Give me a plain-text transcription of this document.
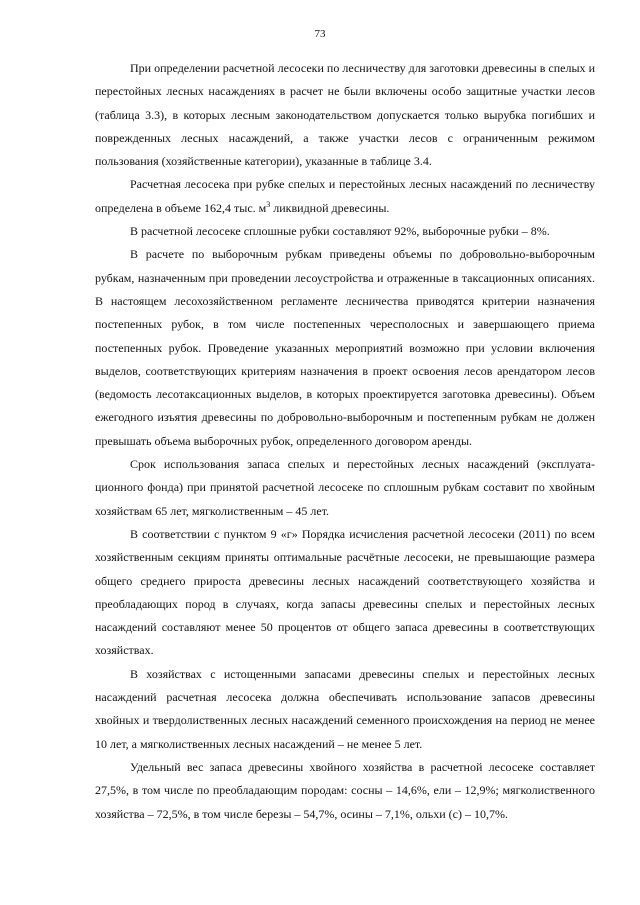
73

При определении расчетной лесосеки по лесничеству для заготовки древесины в спелых и перестойных лесных насаждениях в расчет не были включены особо защитные участки лесов (таблица 3.3), в которых лесным законодательством допускается только вырубка погибших и поврежденных лесных насаждений, а также участки лесов с ограниченным режимом пользования (хозяйственные категории), указанные в таблице 3.4.

Расчетная лесосека при рубке спелых и перестойных лесных насаждений по лесничеству определена в объеме 162,4 тыс. $м^3$ ликвидной древесины.

В расчетной лесосеке сплошные рубки составляют 92%, выборочные рубки – 8%.

В расчете по выборочным рубкам приведены объемы по добровольно-выборочным рубкам, назначенным при проведении лесоустройства и отраженные в таксационных описаниях. В настоящем лесохозяйственном регламенте лесничества приводятся критерии назначения постепенных рубок, в том числе постепенных чересполосных и завершающего приема постепенных рубок. Проведение указанных мероприятий возможно при условии включения выделов, соответствующих критериям назначения в проект освоения лесов арендатором лесов (ведомость лесотаксационных выделов, в которых проектируется заготовка древесины). Объем ежегодного изъятия древесины по добровольно-выборочным и постепенным рубкам не должен превышать объема выборочных рубок, определенного договором аренды.

Срок использования запаса спелых и перестойных лесных насаждений (эксплуатационного фонда) при принятой расчетной лесосеке по сплошным рубкам составит по хвойным хозяйствам 65 лет, мягколиственным – 45 лет.

В соответствии с пунктом 9 «г» Порядка исчисления расчетной лесосеки (2011) по всем хозяйственным секциям приняты оптимальные расчётные лесосеки, не превышающие размера общего среднего прироста древесины лесных насаждений соответствующего хозяйства и преобладающих пород в случаях, когда запасы древесины спелых и перестойных лесных насаждений составляют менее 50 процентов от общего запаса древесины в соответствующих хозяйствах.

В хозяйствах с истощенными запасами древесины спелых и перестойных лесных насаждений расчетная лесосека должна обеспечивать использование запасов древесины хвойных и твердолиственных лесных насаждений семенного происхождения на период не менее 10 лет, а мягколиственных лесных насаждений – не менее 5 лет.

Удельный вес запаса древесины хвойного хозяйства в расчетной лесосеке составляет 27,5%, в том числе по преобладающим породам: сосны – 14,6%, ели – 12,9%; мягколиственного хозяйства – 72,5%, в том числе березы – 54,7%, осины – 7,1%, ольхи (с) – 10,7%.
